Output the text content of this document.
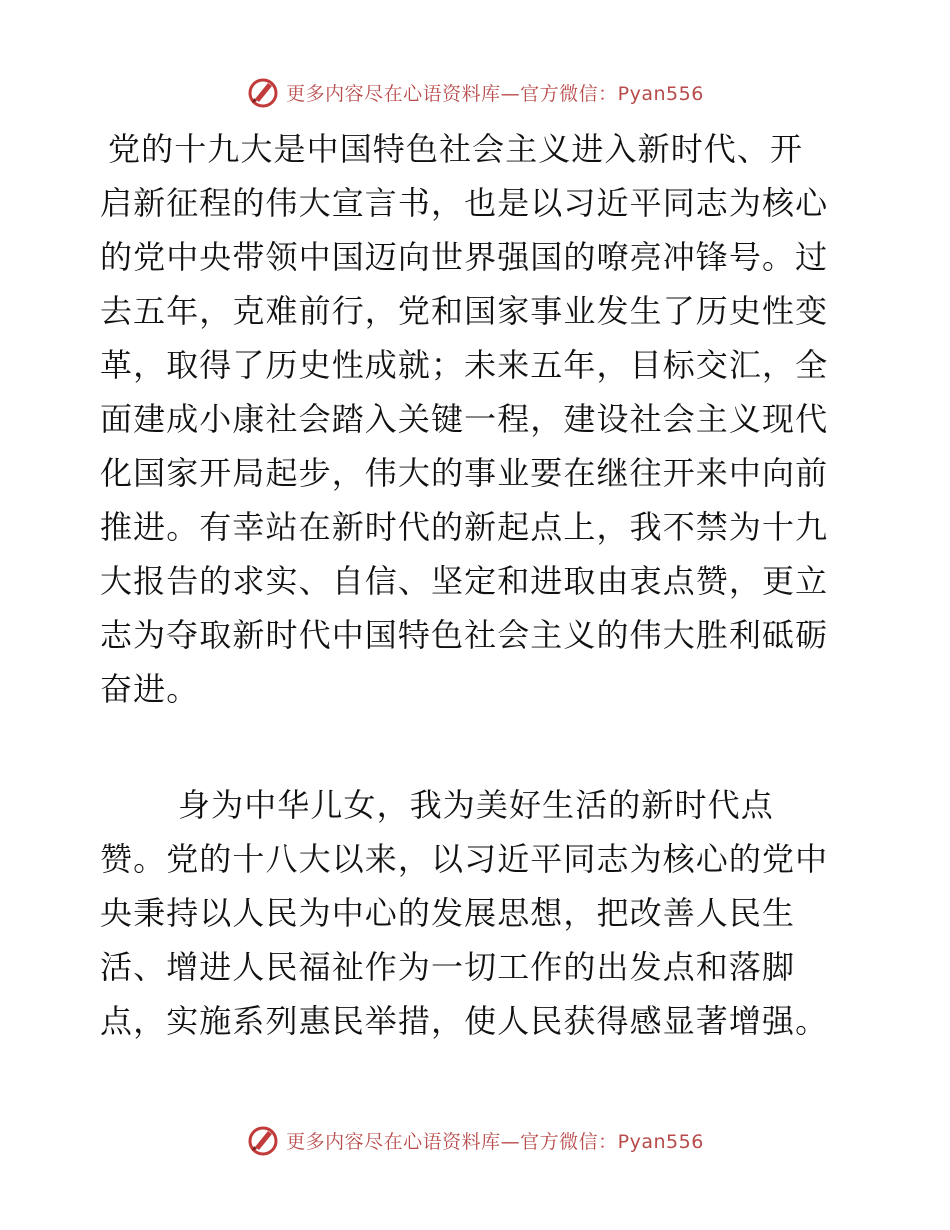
更多内容尽在心语资料库—官方微信：Pyan556
党的十九大是中国特色社会主义进入新时代、开
启新征程的伟大宣言书，也是以习近平同志为核心
的党中央带领中国迈向世界强国的嘹亮冲锋号。过
去五年，克难前行，党和国家事业发生了历史性变
革，取得了历史性成就；未来五年，目标交汇，全
面建成小康社会踏入关键一程，建设社会主义现代
化国家开局起步，伟大的事业要在继往开来中向前
推进。有幸站在新时代的新起点上，我不禁为十九
大报告的求实、自信、坚定和进取由衷点赞，更立
志为夺取新时代中国特色社会主义的伟大胜利砥砺
奋进。
身为中华儿女，我为美好生活的新时代点
赞。党的十八大以来，以习近平同志为核心的党中
央秉持以人民为中心的发展思想，把改善人民生
活、增进人民福祉作为一切工作的出发点和落脚
点，实施系列惠民举措，使人民获得感显著增强。
更多内容尽在心语资料库—官方微信：Pyan556
